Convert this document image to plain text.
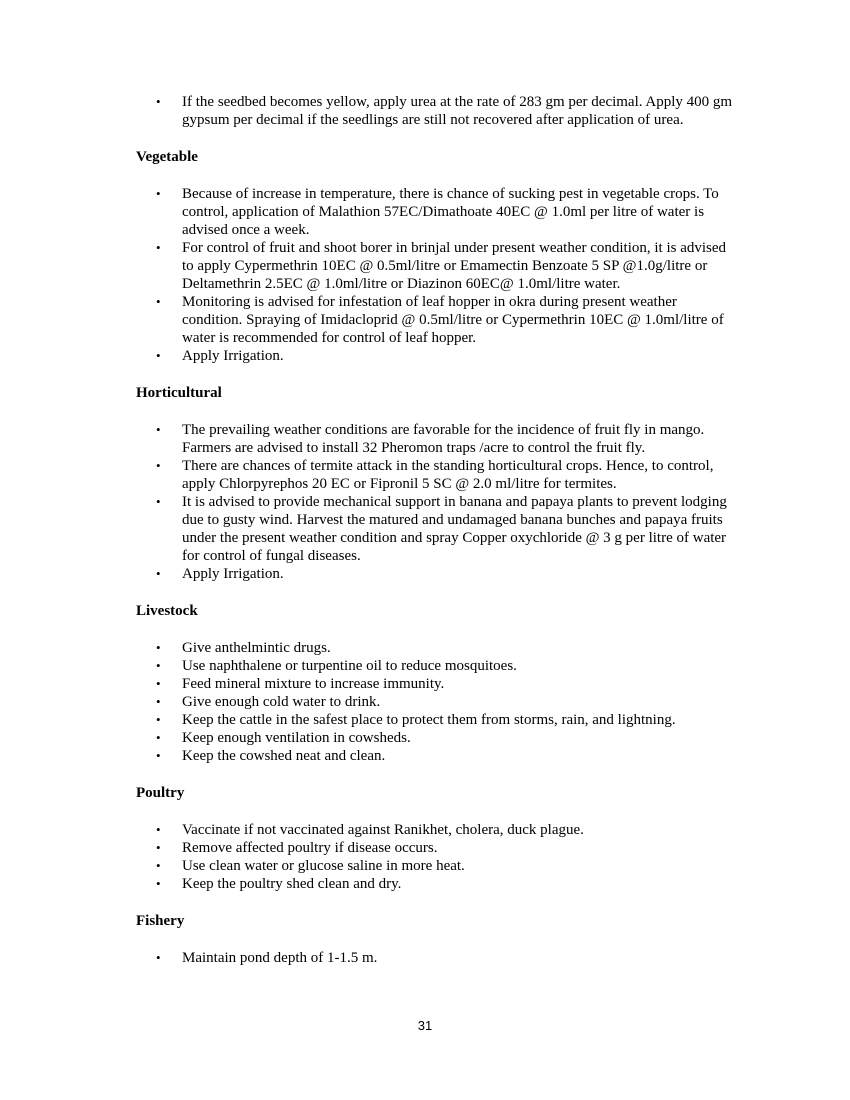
•	If the seedbed becomes yellow, apply urea at the rate of 283 gm per decimal. Apply 400 gm gypsum per decimal if the seedlings are still not recovered after application of urea.
Vegetable
•	Because of increase in temperature, there is chance of sucking pest in vegetable crops. To control, application of Malathion 57EC/Dimathoate 40EC @ 1.0ml per litre of water is advised once a week.
•	For control of fruit and shoot borer in brinjal under present weather condition, it is advised to apply Cypermethrin 10EC @ 0.5ml/litre or Emamectin Benzoate 5 SP @1.0g/litre or Deltamethrin 2.5EC @ 1.0ml/litre or Diazinon 60EC@ 1.0ml/litre water.
•	Monitoring is advised for infestation of leaf hopper in okra during present weather condition. Spraying of Imidacloprid @ 0.5ml/litre or Cypermethrin 10EC @ 1.0ml/litre of water is recommended for control of leaf hopper.
•	Apply Irrigation.
Horticultural
•	The prevailing weather conditions are favorable for the incidence of fruit fly in mango. Farmers are advised to install 32 Pheromon traps /acre to control the fruit fly.
•	There are chances of termite attack in the standing horticultural crops. Hence, to control, apply Chlorpyrephos 20 EC or Fipronil 5 SC @ 2.0 ml/litre for termites.
•	It is advised to provide mechanical support in banana and papaya plants to prevent lodging due to gusty wind. Harvest the matured and undamaged banana bunches and papaya fruits under the present weather condition and spray Copper oxychloride @ 3 g per litre of water for control of fungal diseases.
•	Apply Irrigation.
Livestock
•	Give anthelmintic drugs.
•	Use naphthalene or turpentine oil to reduce mosquitoes.
•	Feed mineral mixture to increase immunity.
•	Give enough cold water to drink.
•	Keep the cattle in the safest place to protect them from storms, rain, and lightning.
•	Keep enough ventilation in cowsheds.
•	Keep the cowshed neat and clean.
Poultry
•	Vaccinate if not vaccinated against Ranikhet, cholera, duck plague.
•	Remove affected poultry if disease occurs.
•	Use clean water or glucose saline in more heat.
•	Keep the poultry shed clean and dry.
Fishery
•	Maintain pond depth of 1-1.5 m.
31
